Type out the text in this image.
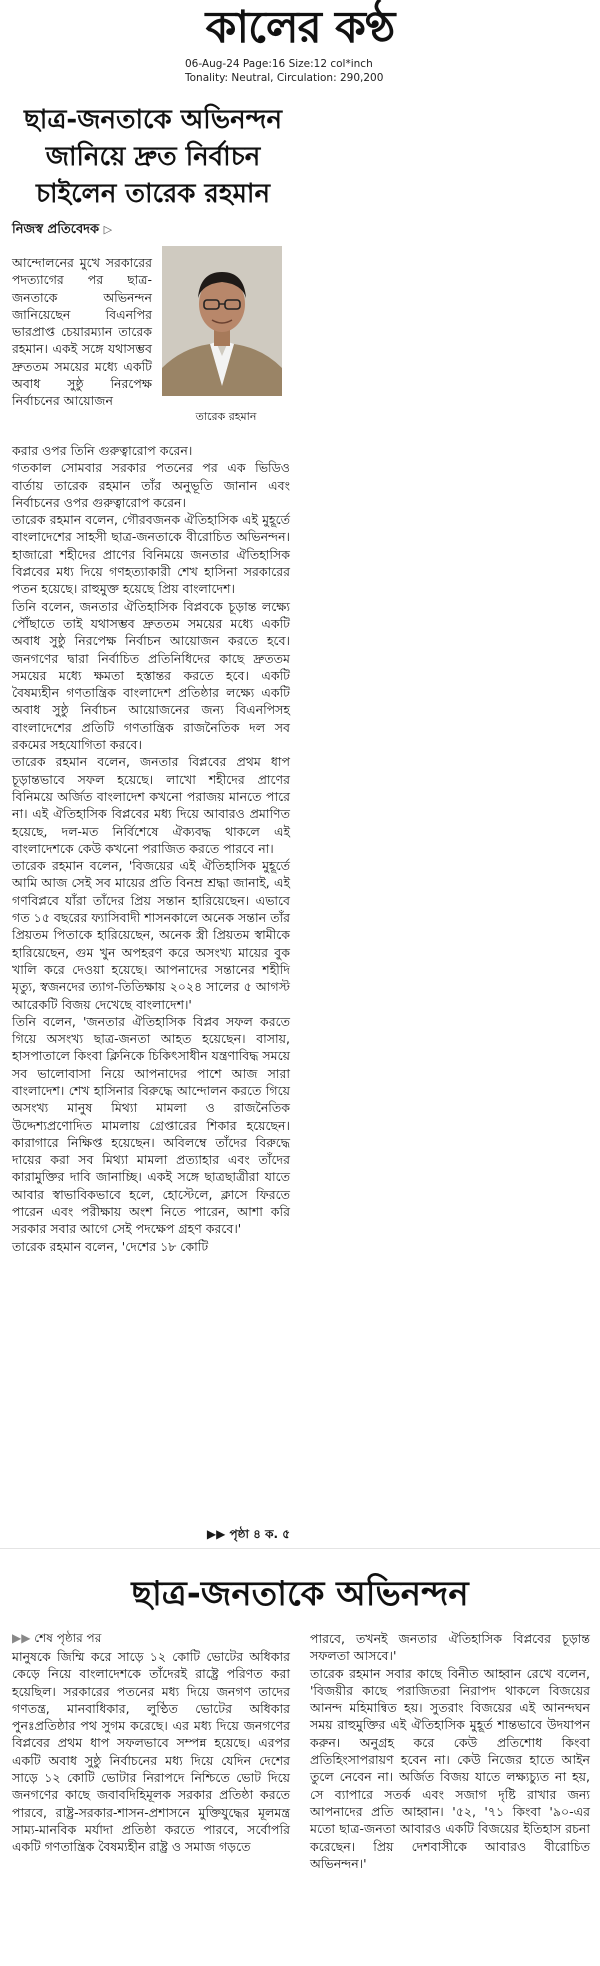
কালের কণ্ঠ
06-Aug-24 Page:16 Size:12 col*inch
Tonality: Neutral, Circulation: 290,200
ছাত্র-জনতাকে অভিনন্দন
জানিয়ে দ্রুত নির্বাচন
চাইলেন তারেক রহমান
নিজস্ব প্রতিবেদক ▷
তারেক রহমান

আন্দোলনের মুখে সরকারের পদত্যাগের পর ছাত্র-জনতাকে অভিনন্দন জানিয়েছেন বিএনপির ভারপ্রাপ্ত চেয়ারম্যান তারেক রহমান। একই সঙ্গে যথাসম্ভব দ্রুততম সময়ের মধ্যে একটি অবাধ সুষ্ঠু নিরপেক্ষ নির্বাচনের আয়োজন

করার ওপর তিনি গুরুত্বারোপ করেন।

গতকাল সোমবার সরকার পতনের পর এক ভিডিও বার্তায় তারেক রহমান তাঁর অনুভূতি জানান এবং নির্বাচনের ওপর গুরুত্বারোপ করেন।

তারেক রহমান বলেন, গৌরবজনক ঐতিহাসিক এই মুহূর্তে বাংলাদেশের সাহসী ছাত্র-জনতাকে বীরোচিত অভিনন্দন। হাজারো শহীদের প্রাণের বিনিময়ে জনতার ঐতিহাসিক বিপ্লবের মধ্য দিয়ে গণহত্যাকারী শেখ হাসিনা সরকারের পতন হয়েছে। রাহুমুক্ত হয়েছে প্রিয় বাংলাদেশ।

তিনি বলেন, জনতার ঐতিহাসিক বিপ্লবকে চূড়ান্ত লক্ষ্যে পৌঁছাতে তাই যথাসম্ভব দ্রুততম সময়ের মধ্যে একটি অবাধ সুষ্ঠু নিরপেক্ষ নির্বাচন আয়োজন করতে হবে। জনগণের দ্বারা নির্বাচিত প্রতিনিধিদের কাছে দ্রুততম সময়ের মধ্যে ক্ষমতা হস্তান্তর করতে হবে। একটি বৈষম্যহীন গণতান্ত্রিক বাংলাদেশ প্রতিষ্ঠার লক্ষ্যে একটি অবাধ সুষ্ঠু নির্বাচন আয়োজনের জন্য বিএনপিসহ বাংলাদেশের প্রতিটি গণতান্ত্রিক রাজনৈতিক দল সব রকমের সহযোগিতা করবে।

তারেক রহমান বলেন, জনতার বিপ্লবের প্রথম ধাপ চূড়ান্তভাবে সফল হয়েছে। লাখো শহীদের প্রাণের বিনিময়ে অর্জিত বাংলাদেশ কখনো পরাজয় মানতে পারে না। এই ঐতিহাসিক বিপ্লবের মধ্য দিয়ে আবারও প্রমাণিত হয়েছে, দল-মত নির্বিশেষে ঐক্যবদ্ধ থাকলে এই বাংলাদেশকে কেউ কখনো পরাজিত করতে পারবে না।

তারেক রহমান বলেন, 'বিজয়ের এই ঐতিহাসিক মুহূর্তে আমি আজ সেই সব মায়ের প্রতি বিনম্র শ্রদ্ধা জানাই, এই গণবিপ্লবে যাঁরা তাঁদের প্রিয় সন্তান হারিয়েছেন। এভাবে গত ১৫ বছরের ফ্যাসিবাদী শাসনকালে অনেক সন্তান তাঁর প্রিয়তম পিতাকে হারিয়েছেন, অনেক স্ত্রী প্রিয়তম স্বামীকে হারিয়েছেন, গুম খুন অপহরণ করে অসংখ্য মায়ের বুক খালি করে দেওয়া হয়েছে। আপনাদের সন্তানের শহীদি মৃত্যু, স্বজনদের ত্যাগ-তিতিক্ষায় ২০২৪ সালের ৫ আগস্ট আরেকটি বিজয় দেখেছে বাংলাদেশ।'

তিনি বলেন, 'জনতার ঐতিহাসিক বিপ্লব সফল করতে গিয়ে অসংখ্য ছাত্র-জনতা আহত হয়েছেন। বাসায়, হাসপাতালে কিংবা ক্লিনিকে চিকিৎসাধীন যন্ত্রণাবিদ্ধ সময়ে সব ভালোবাসা নিয়ে আপনাদের পাশে আজ সারা বাংলাদেশ। শেখ হাসিনার বিরুদ্ধে আন্দোলন করতে গিয়ে অসংখ্য মানুষ মিথ্যা মামলা ও রাজনৈতিক উদ্দেশ্যপ্রণোদিত মামলায় গ্রেপ্তারের শিকার হয়েছেন। কারাগারে নিক্ষিপ্ত হয়েছেন। অবিলম্বে তাঁদের বিরুদ্ধে দায়ের করা সব মিথ্যা মামলা প্রত্যাহার এবং তাঁদের কারামুক্তির দাবি জানাচ্ছি। একই সঙ্গে ছাত্রছাত্রীরা যাতে আবার স্বাভাবিকভাবে হলে, হোস্টেলে, ক্লাসে ফিরতে পারেন এবং পরীক্ষায় অংশ নিতে পারেন, আশা করি সরকার সবার আগে সেই পদক্ষেপ গ্রহণ করবে।'

তারেক রহমান বলেন, 'দেশের ১৮ কোটি

▶▶ পৃষ্ঠা ৪ ক. ৫
ছাত্র-জনতাকে অভিনন্দন
▶▶ শেষ পৃষ্ঠার পর

মানুষকে জিম্মি করে সাড়ে ১২ কোটি ভোটের অধিকার কেড়ে নিয়ে বাংলাদেশকে তাঁদেরই রাষ্ট্রে পরিণত করা হয়েছিল। সরকারের পতনের মধ্য দিয়ে জনগণ তাদের গণতন্ত্র, মানবাধিকার, লুণ্ঠিত ভোটের অধিকার পুনঃপ্রতিষ্ঠার পথ সুগম করেছে। এর মধ্য দিয়ে জনগণের বিপ্লবের প্রথম ধাপ সফলভাবে সম্পন্ন হয়েছে। এরপর একটি অবাধ সুষ্ঠু নির্বাচনের মধ্য দিয়ে যেদিন দেশের সাড়ে ১২ কোটি ভোটার নিরাপদে নিশ্চিতে ভোট দিয়ে জনগণের কাছে জবাবদিহিমূলক সরকার প্রতিষ্ঠা করতে পারবে, রাষ্ট্র-সরকার-শাসন-প্রশাসনে মুক্তিযুদ্ধের মূলমন্ত্র সাম্য-মানবিক মর্যাদা প্রতিষ্ঠা করতে পারবে, সর্বোপরি একটি গণতান্ত্রিক বৈষম্যহীন রাষ্ট্র ও সমাজ গড়তে

পারবে, তখনই জনতার ঐতিহাসিক বিপ্লবের চূড়ান্ত সফলতা আসবে।'

তারেক রহমান সবার কাছে বিনীত আহ্বান রেখে বলেন, 'বিজয়ীর কাছে পরাজিতরা নিরাপদ থাকলে বিজয়ের আনন্দ মহিমান্বিত হয়। সুতরাং বিজয়ের এই আনন্দঘন সময় রাহুমুক্তির এই ঐতিহাসিক মুহূর্ত শান্তভাবে উদযাপন করুন। অনুগ্রহ করে কেউ প্রতিশোধ কিংবা প্রতিহিংসাপরায়ণ হবেন না। কেউ নিজের হাতে আইন তুলে নেবেন না। অর্জিত বিজয় যাতে লক্ষ্যচ্যুত না হয়, সে ব্যাপারে সতর্ক এবং সজাগ দৃষ্টি রাখার জন্য আপনাদের প্রতি আহ্বান। '৫২, '৭১ কিংবা '৯০-এর মতো ছাত্র-জনতা আবারও একটি বিজয়ের ইতিহাস রচনা করেছেন। প্রিয় দেশবাসীকে আবারও বীরোচিত অভিনন্দন।'
